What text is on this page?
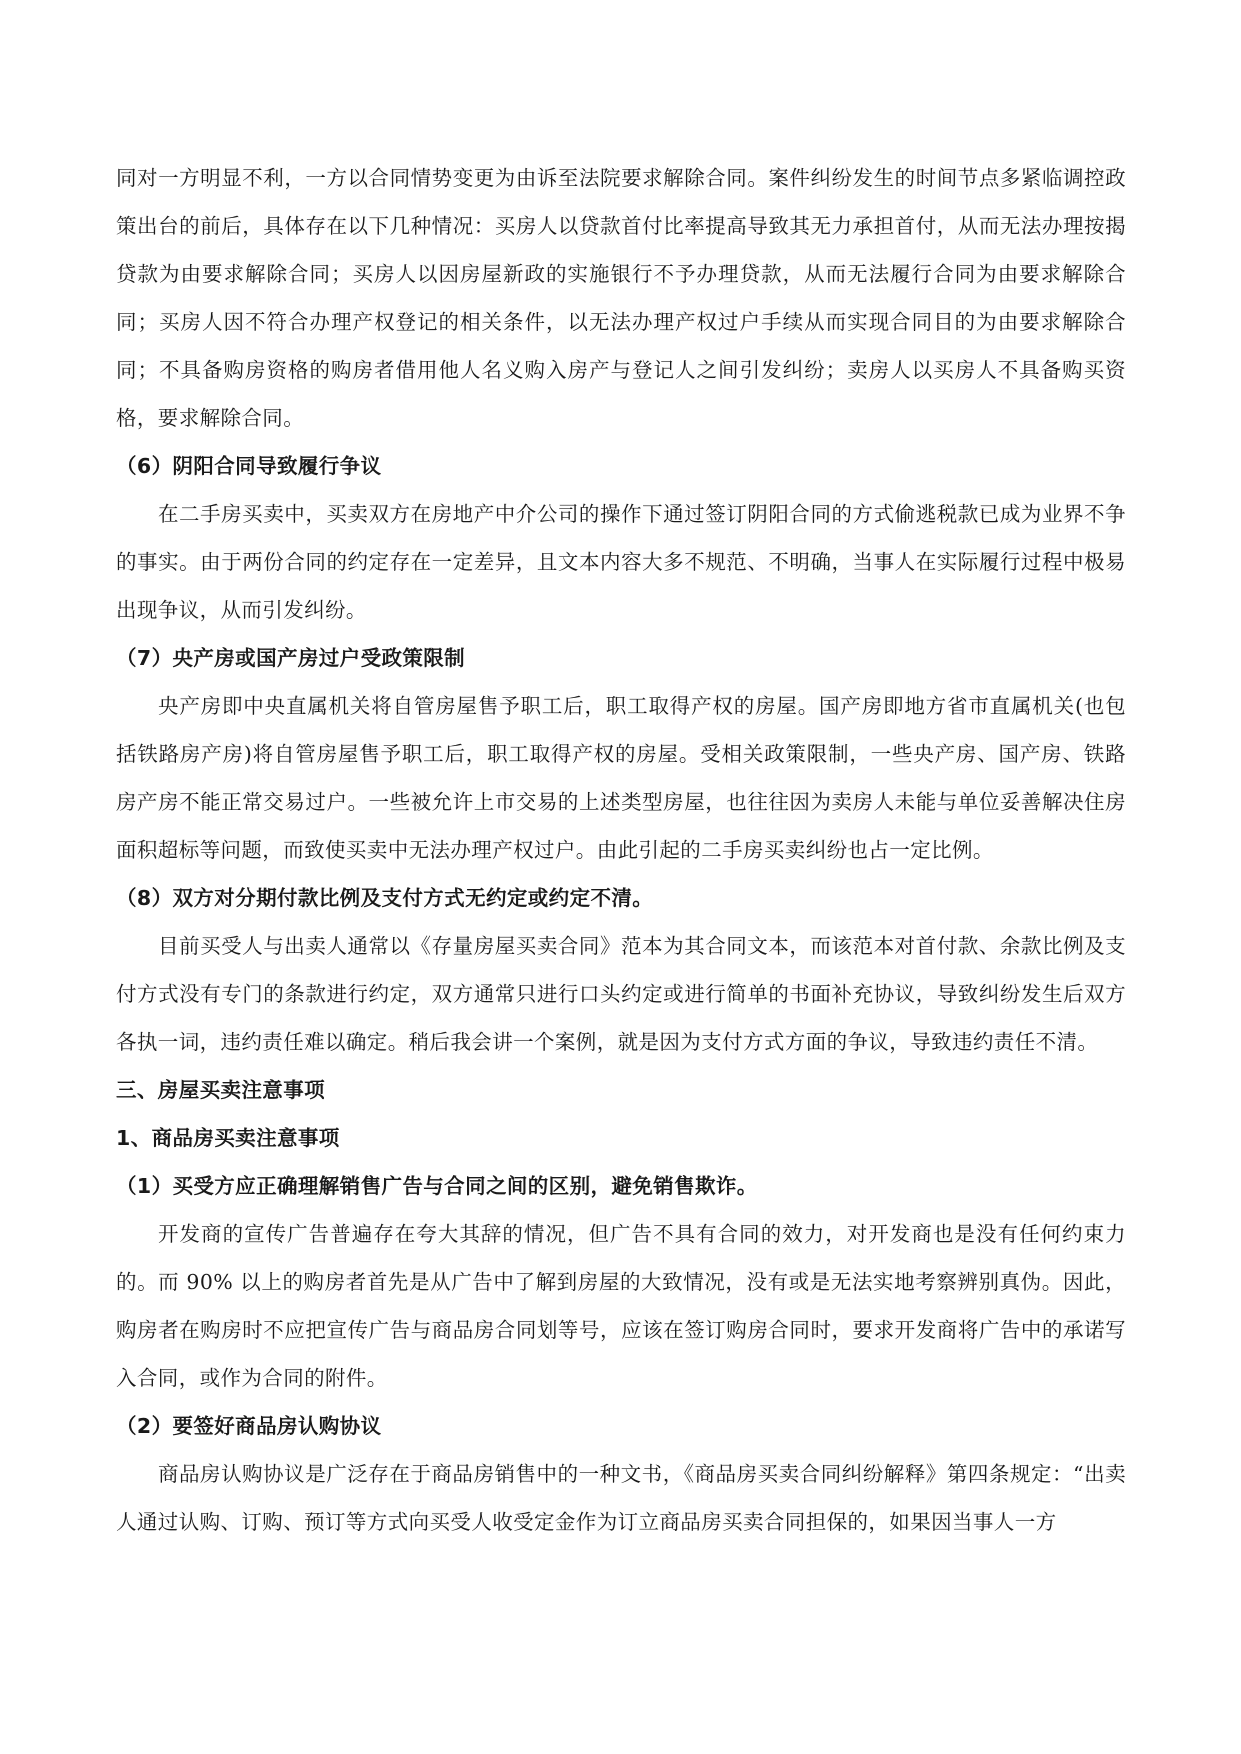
同对一方明显不利，一方以合同情势变更为由诉至法院要求解除合同。案件纠纷发生的时间节点多紧临调控政策出台的前后，具体存在以下几种情况：买房人以贷款首付比率提高导致其无力承担首付，从而无法办理按揭贷款为由要求解除合同；买房人以因房屋新政的实施银行不予办理贷款，从而无法履行合同为由要求解除合同；买房人因不符合办理产权登记的相关条件，以无法办理产权过户手续从而实现合同目的为由要求解除合同；不具备购房资格的购房者借用他人名义购入房产与登记人之间引发纠纷；卖房人以买房人不具备购买资格，要求解除合同。

（6）阴阳合同导致履行争议

在二手房买卖中，买卖双方在房地产中介公司的操作下通过签订阴阳合同的方式偷逃税款已成为业界不争的事实。由于两份合同的约定存在一定差异，且文本内容大多不规范、不明确，当事人在实际履行过程中极易出现争议，从而引发纠纷。

（7）央产房或国产房过户受政策限制

央产房即中央直属机关将自管房屋售予职工后，职工取得产权的房屋。国产房即地方省市直属机关(也包括铁路房产房)将自管房屋售予职工后，职工取得产权的房屋。受相关政策限制，一些央产房、国产房、铁路房产房不能正常交易过户。一些被允许上市交易的上述类型房屋，也往往因为卖房人未能与单位妥善解决住房面积超标等问题，而致使买卖中无法办理产权过户。由此引起的二手房买卖纠纷也占一定比例。

（8）双方对分期付款比例及支付方式无约定或约定不清。

目前买受人与出卖人通常以《存量房屋买卖合同》范本为其合同文本，而该范本对首付款、余款比例及支付方式没有专门的条款进行约定，双方通常只进行口头约定或进行简单的书面补充协议，导致纠纷发生后双方各执一词，违约责任难以确定。稍后我会讲一个案例，就是因为支付方式方面的争议，导致违约责任不清。

三、房屋买卖注意事项

1、商品房买卖注意事项

（1）买受方应正确理解销售广告与合同之间的区别，避免销售欺诈。

开发商的宣传广告普遍存在夸大其辞的情况，但广告不具有合同的效力，对开发商也是没有任何约束力的。而 90% 以上的购房者首先是从广告中了解到房屋的大致情况，没有或是无法实地考察辨别真伪。因此，购房者在购房时不应把宣传广告与商品房合同划等号，应该在签订购房合同时，要求开发商将广告中的承诺写入合同，或作为合同的附件。

（2）要签好商品房认购协议

商品房认购协议是广泛存在于商品房销售中的一种文书，《商品房买卖合同纠纷解释》第四条规定：“出卖人通过认购、订购、预订等方式向买受人收受定金作为订立商品房买卖合同担保的，如果因当事人一方
